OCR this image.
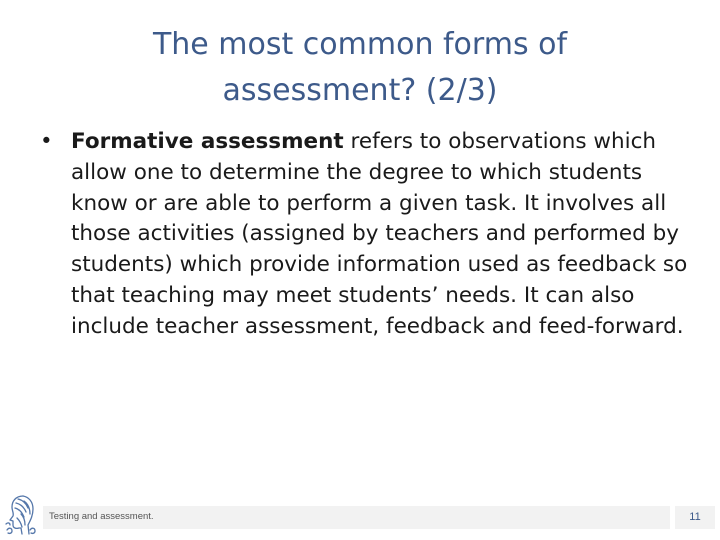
The most common forms of
assessment? (2/3)
• Formative assessment refers to observations which allow one to determine the degree to which students know or are able to perform a given task. It involves all those activities (assigned by teachers and performed by students) which provide information used as feedback so that teaching may meet students’ needs. It can also include teacher assessment, feedback and feed-forward.
Testing and assessment.	11
